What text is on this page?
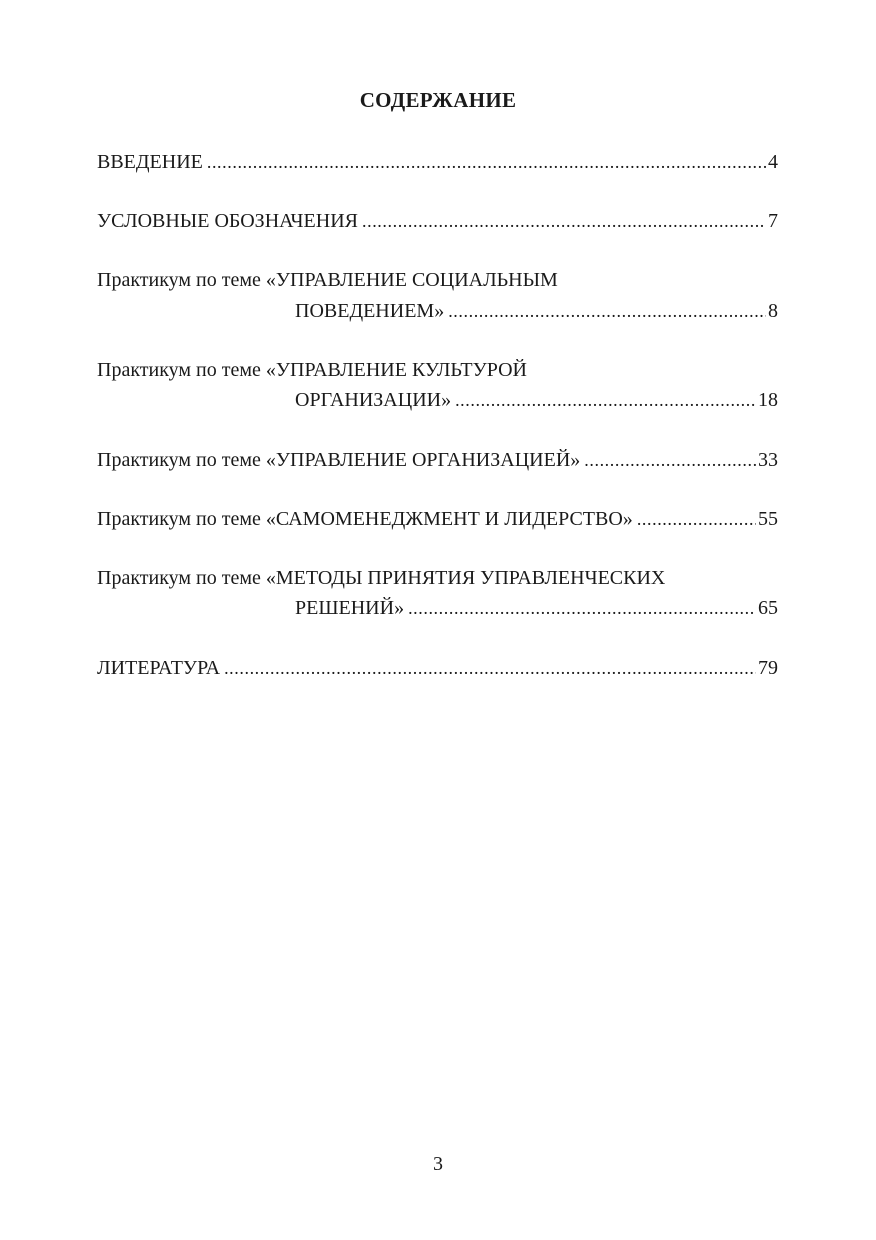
СОДЕРЖАНИЕ
ВВЕДЕНИЕ .....	4
УСЛОВНЫЕ ОБОЗНАЧЕНИЯ .....	7
Практикум по теме «УПРАВЛЕНИЕ СОЦИАЛЬНЫМ
ПОВЕДЕНИЕМ» .....	8
Практикум по теме «УПРАВЛЕНИЕ КУЛЬТУРОЙ
ОРГАНИЗАЦИИ» .....	18
Практикум по теме «УПРАВЛЕНИЕ ОРГАНИЗАЦИЕЙ» .....	33
Практикум по теме «САМОМЕНЕДЖМЕНТ И ЛИДЕРСТВО» .....	55
Практикум по теме «МЕТОДЫ ПРИНЯТИЯ УПРАВЛЕНЧЕСКИХ
РЕШЕНИЙ» .....	65
ЛИТЕРАТУРА .....	79
3
